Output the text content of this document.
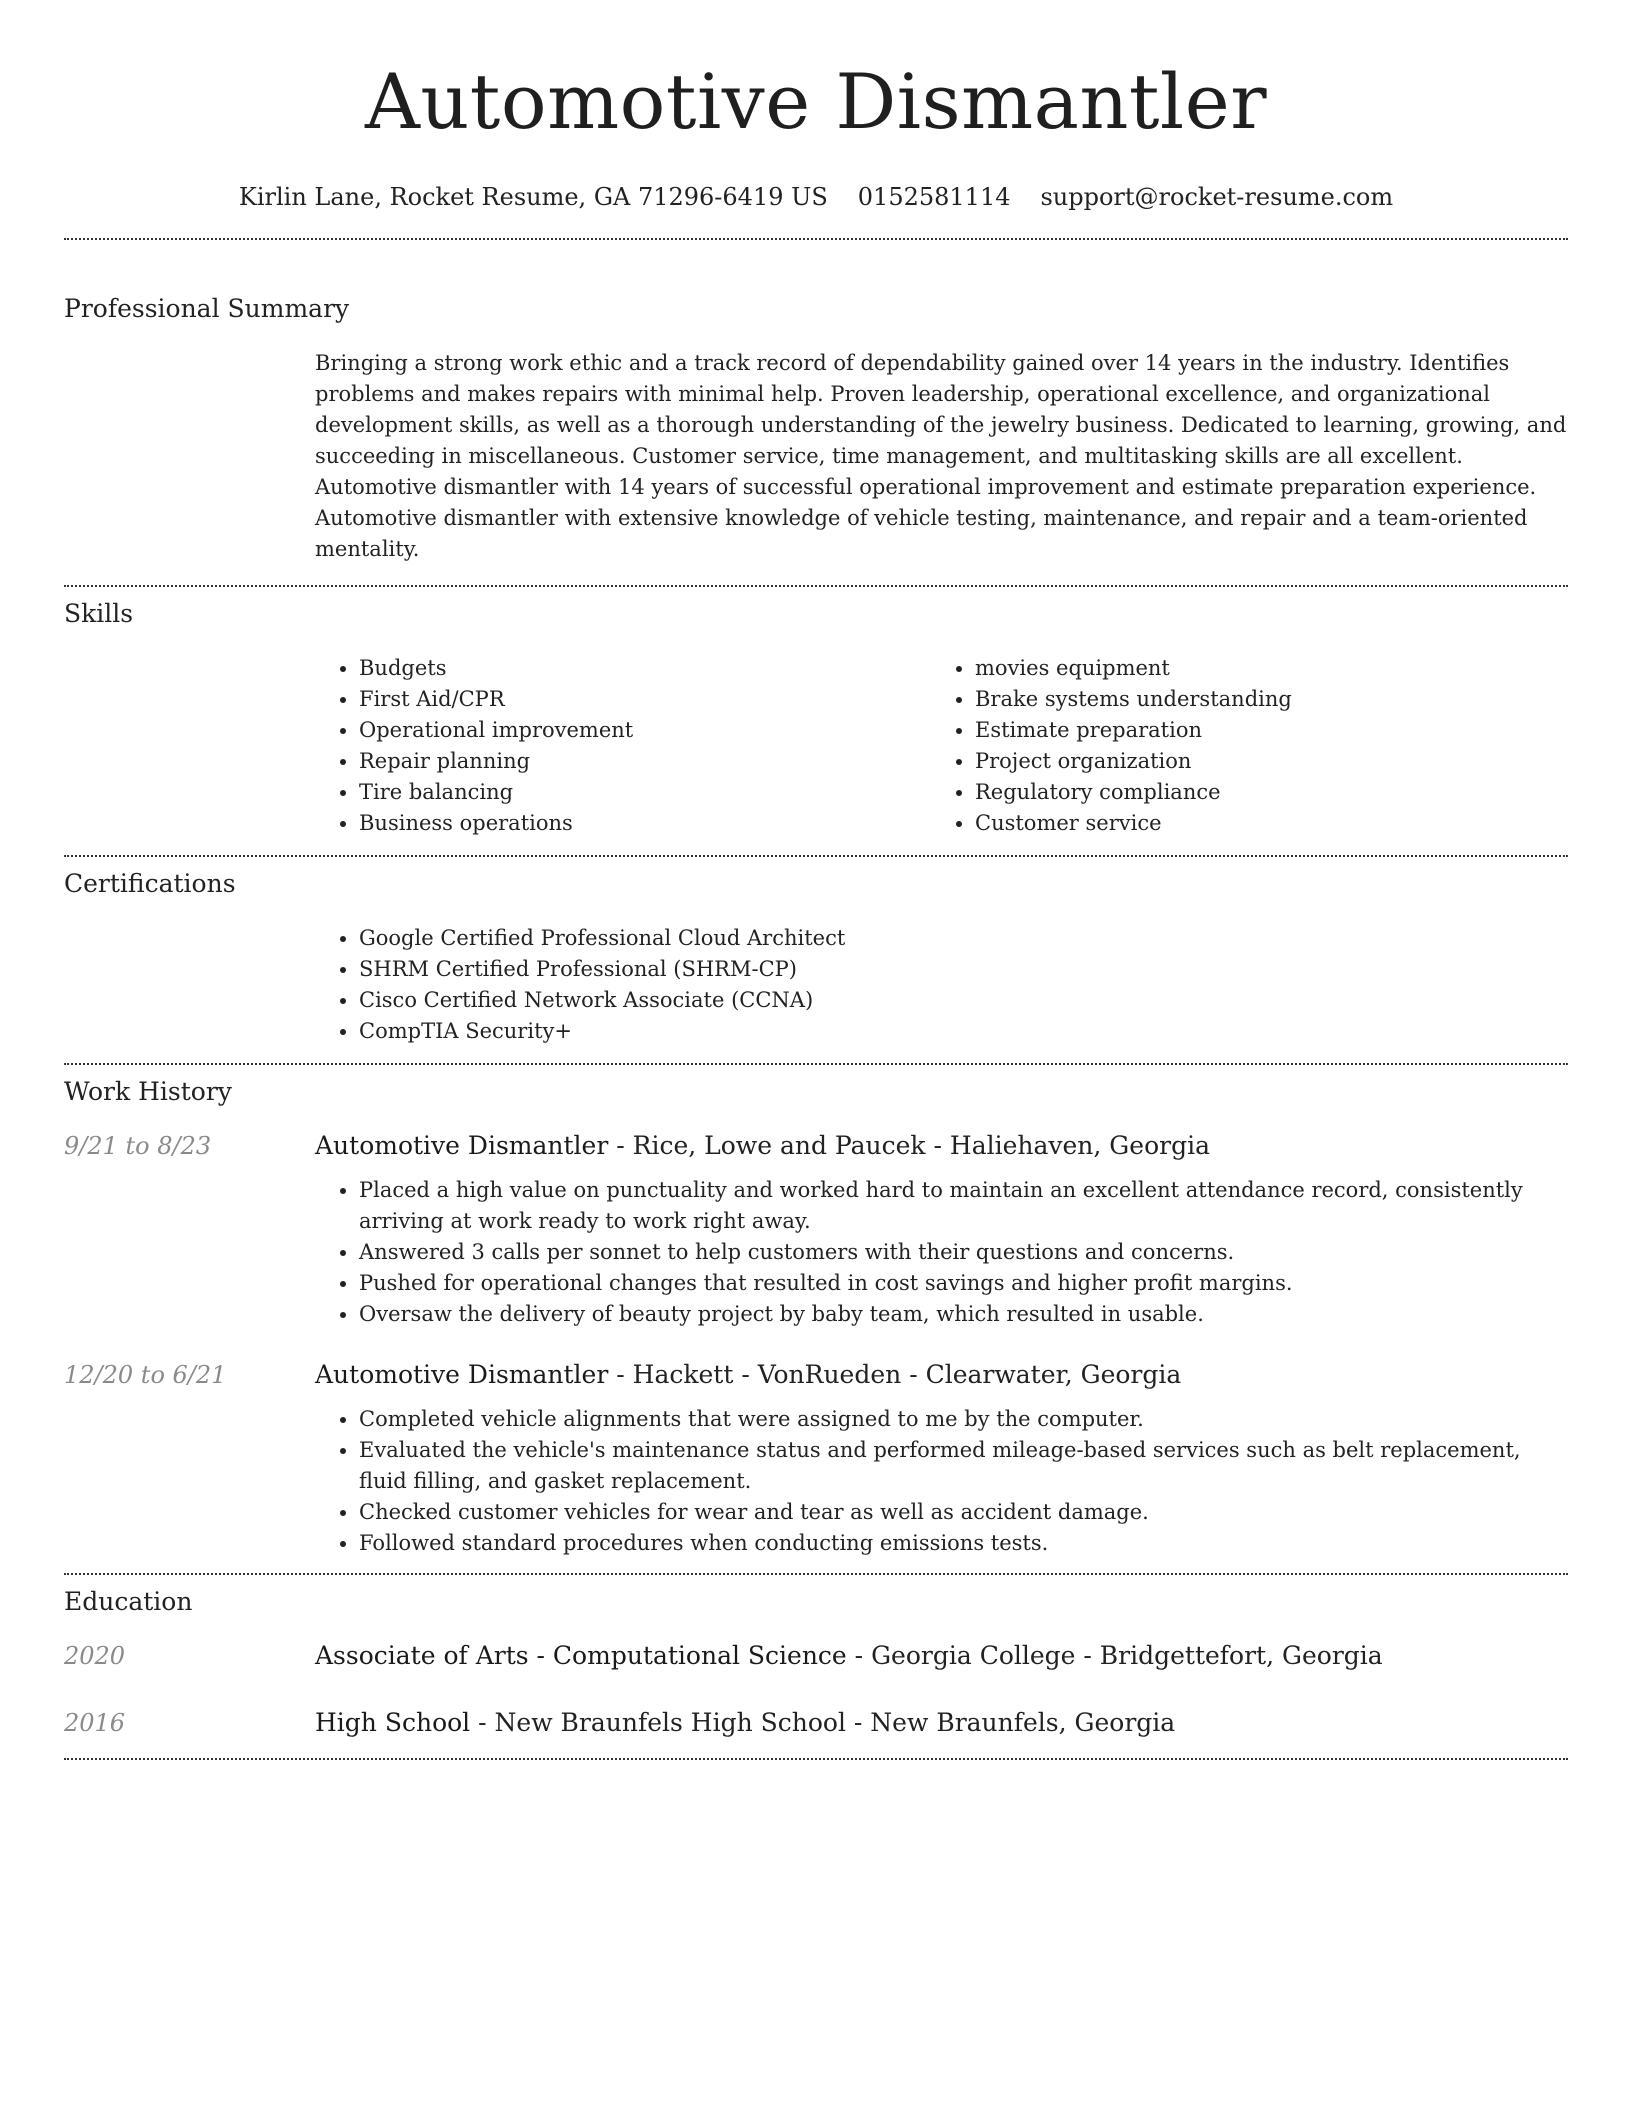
Automotive Dismantler
Kirlin Lane, Rocket Resume, GA 71296-6419 US 0152581114 support@rocket-resume.com
Professional Summary
Bringing a strong work ethic and a track record of dependability gained over 14 years in the industry. Identifies problems and makes repairs with minimal help. Proven leadership, operational excellence, and organizational development skills, as well as a thorough understanding of the jewelry business. Dedicated to learning, growing, and succeeding in miscellaneous. Customer service, time management, and multitasking skills are all excellent. Automotive dismantler with 14 years of successful operational improvement and estimate preparation experience. Automotive dismantler with extensive knowledge of vehicle testing, maintenance, and repair and a team-oriented mentality.
Skills
• Budgets
• First Aid/CPR
• Operational improvement
• Repair planning
• Tire balancing
• Business operations
• movies equipment
• Brake systems understanding
• Estimate preparation
• Project organization
• Regulatory compliance
• Customer service
Certifications
• Google Certified Professional Cloud Architect
• SHRM Certified Professional (SHRM-CP)
• Cisco Certified Network Associate (CCNA)
• CompTIA Security+
Work History
9/21 to 8/23	Automotive Dismantler - Rice, Lowe and Paucek - Haliehaven, Georgia
• Placed a high value on punctuality and worked hard to maintain an excellent attendance record, consistently arriving at work ready to work right away.
• Answered 3 calls per sonnet to help customers with their questions and concerns.
• Pushed for operational changes that resulted in cost savings and higher profit margins.
• Oversaw the delivery of beauty project by baby team, which resulted in usable.
12/20 to 6/21	Automotive Dismantler - Hackett - VonRueden - Clearwater, Georgia
• Completed vehicle alignments that were assigned to me by the computer.
• Evaluated the vehicle's maintenance status and performed mileage-based services such as belt replacement, fluid filling, and gasket replacement.
• Checked customer vehicles for wear and tear as well as accident damage.
• Followed standard procedures when conducting emissions tests.
Education
2020	Associate of Arts - Computational Science - Georgia College - Bridgettefort, Georgia
2016	High School - New Braunfels High School - New Braunfels, Georgia
